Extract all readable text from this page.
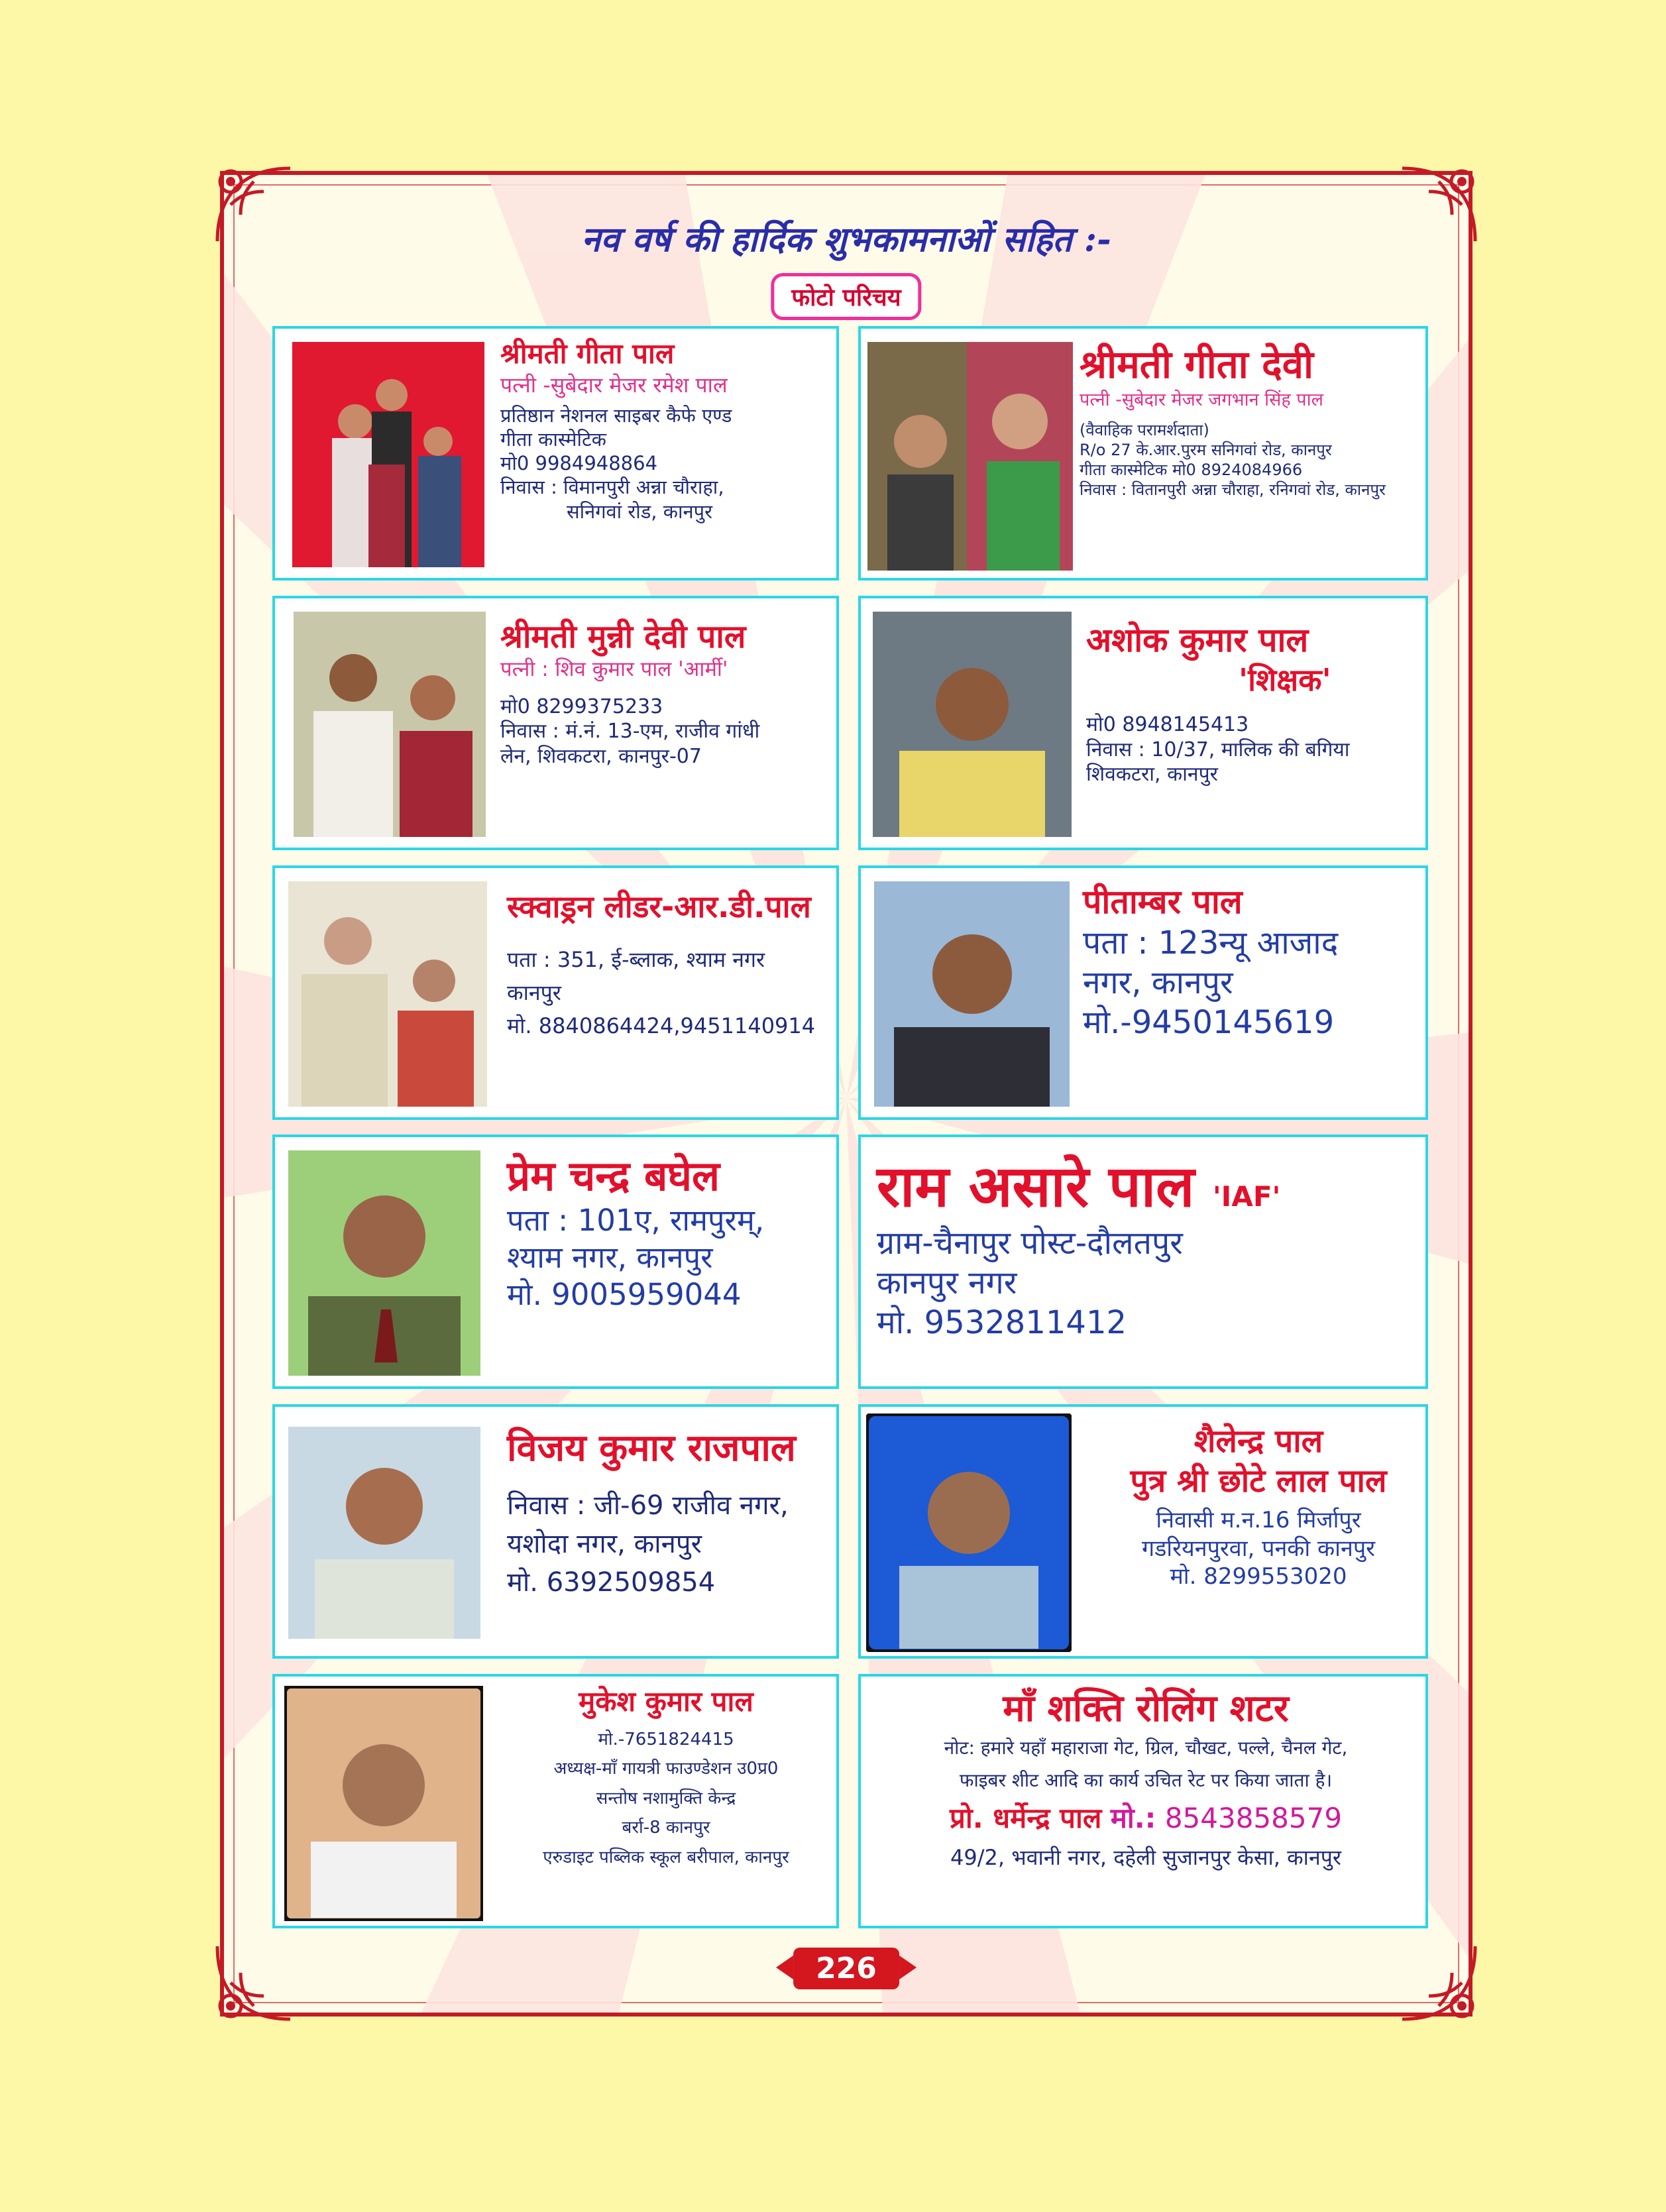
नव वर्ष की हार्दिक शुभकामनाओं सहित :-
फोटो परिचय
श्रीमती गीता पाल
पत्नी -सुबेदार मेजर रमेश पाल
प्रतिष्ठान नेशनल साइबर कैफे एण्ड
गीता कास्मेटिक
मो0 9984948864
निवास : विमानपुरी अन्ना चौराहा,
सनिगवां रोड, कानपुर
श्रीमती गीता देवी
पत्नी -सुबेदार मेजर जगभान सिंह पाल
(वैवाहिक परामर्शदाता)
R/o 27 के.आर.पुरम सनिगवां रोड, कानपुर
गीता कास्मेटिक मो0 8924084966
निवास : वितानपुरी अन्ना चौराहा, रनिगवां रोड, कानपुर
श्रीमती मुन्नी देवी पाल
पत्नी : शिव कुमार पाल 'आर्मी'
मो0 8299375233
निवास : मं.नं. 13-एम, राजीव गांधी
लेन, शिवकटरा, कानपुर-07
अशोक कुमार पाल
'शिक्षक'
मो0 8948145413
निवास : 10/37, मालिक की बगिया
शिवकटरा, कानपुर
स्क्वाड्रन लीडर-आर.डी.पाल
पता : 351, ई-ब्लाक, श्याम नगर
कानपुर
मो. 8840864424,9451140914
पीताम्बर पाल
पता : 123न्यू आजाद
नगर, कानपुर
मो.-9450145619
प्रेम चन्द्र बघेल
पता : 101ए, रामपुरम्,
श्याम नगर, कानपुर
मो. 9005959044
राम असारे पाल 'IAF'
ग्राम-चैनापुर पोस्ट-दौलतपुर
कानपुर नगर
मो. 9532811412
विजय कुमार राजपाल
निवास : जी-69 राजीव नगर,
यशोदा नगर, कानपुर
मो. 6392509854
शैलेन्द्र पाल
पुत्र श्री छोटे लाल पाल
निवासी म.न.16 मिर्जापुर
गडरियनपुरवा, पनकी कानपुर
मो. 8299553020
मुकेश कुमार पाल
मो.-7651824415
अध्यक्ष-माँ गायत्री फाउण्डेशन उ0प्र0
सन्तोष नशामुक्ति केन्द्र
बर्रा-8 कानपुर
एरुडाइट पब्लिक स्कूल बरीपाल, कानपुर
माँ शक्ति रोलिंग शटर
नोट: हमारे यहाँ महाराजा गेट, ग्रिल, चौखट, पल्ले, चैनल गेट,
फाइबर शीट आदि का कार्य उचित रेट पर किया जाता है।
प्रो. धर्मेन्द्र पाल मो.: 8543858579
49/2, भवानी नगर, दहेली सुजानपुर केसा, कानपुर
226
